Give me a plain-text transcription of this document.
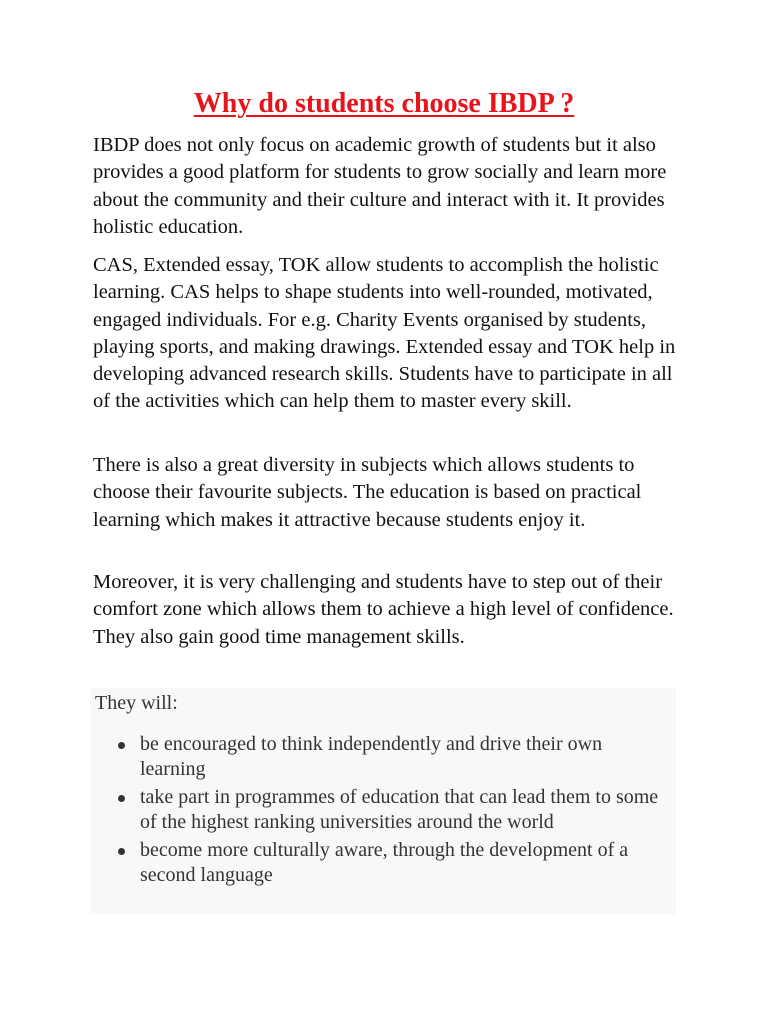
Why do students choose IBDP ?

IBDP does not only focus on academic growth of students but it also provides a good platform for students to grow socially and learn more about the community and their culture and interact with it. It provides holistic education.

CAS, Extended essay, TOK allow students to accomplish the holistic learning. CAS helps to shape students into well-rounded, motivated, engaged individuals. For e.g. Charity Events organised by students, playing sports, and making drawings. Extended essay and TOK help in developing advanced research skills. Students have to participate in all of the activities which can help them to master every skill.

There is also a great diversity in subjects which allows students to choose their favourite subjects. The education is based on practical learning which makes it attractive because students enjoy it.

Moreover, it is very challenging and students have to step out of their comfort zone which allows them to achieve a high level of confidence. They also gain good time management skills.

They will:
be encouraged to think independently and drive their own learning
take part in programmes of education that can lead them to some of the highest ranking universities around the world
become more culturally aware, through the development of a second language
